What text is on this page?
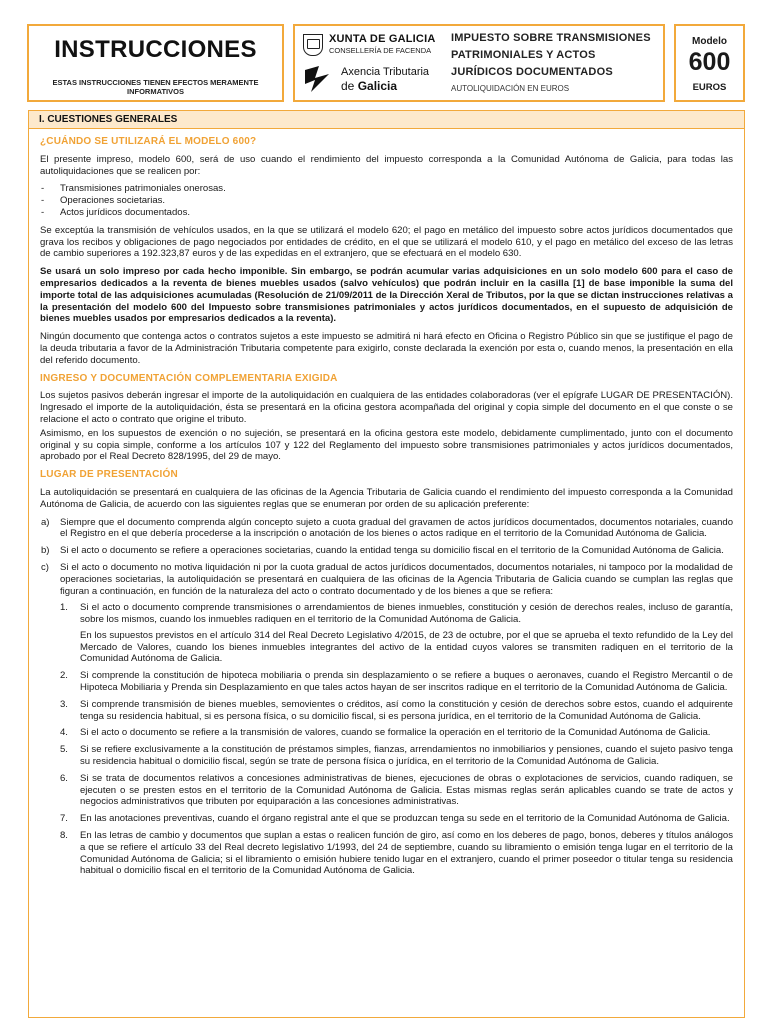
INSTRUCCIONES
ESTAS INSTRUCCIONES TIENEN EFECTOS MERAMENTE INFORMATIVOS
XUNTA DE GALICIA
CONSELLERÍA DE FACENDA
Axencia Tributaria
de Galicia
IMPUESTO SOBRE TRANSMISIONES
PATRIMONIALES Y ACTOS
JURÍDICOS DOCUMENTADOS
AUTOLIQUIDACIÓN EN EUROS
Modelo
600
EUROS
I. CUESTIONES GENERALES
¿CUÁNDO SE UTILIZARÁ EL MODELO 600?

El presente impreso, modelo 600, será de uso cuando el rendimiento del impuesto corresponda a la Comunidad Autónoma de Galicia, para todas las autoliquidaciones que se realicen por:

- Transmisiones patrimoniales onerosas.
- Operaciones societarias.
- Actos jurídicos documentados.

Se exceptúa la transmisión de vehículos usados, en la que se utilizará el modelo 620; el pago en metálico del impuesto sobre actos jurídicos documentados que grava los recibos y obligaciones de pago negociados por entidades de crédito, en el que se utilizará el modelo 610, y el pago en metálico del exceso de las letras de cambio superiores a 192.323,87 euros y de las expedidas en el extranjero, que se efectuará en el modelo 630.

Se usará un solo impreso por cada hecho imponible. Sin embargo, se podrán acumular varias adquisiciones en un solo modelo 600 para el caso de empresarios dedicados a la reventa de bienes muebles usados (salvo vehículos) que podrán incluir en la casilla [1] de base imponible la suma del importe total de las adquisiciones acumuladas (Resolución de 21/09/2011 de la Dirección Xeral de Tributos, por la que se dictan instrucciones relativas a la presentación del modelo 600 del Impuesto sobre transmisiones patrimoniales y actos jurídicos documentados, en el supuesto de adquisición de bienes muebles usados por empresarios dedicados a la reventa).

Ningún documento que contenga actos o contratos sujetos a este impuesto se admitirá ni hará efecto en Oficina o Registro Público sin que se justifique el pago de la deuda tributaria a favor de la Administración Tributaria competente para exigirlo, conste declarada la exención por esta o, cuando menos, la presentación en ella del referido documento.

INGRESO Y DOCUMENTACIÓN COMPLEMENTARIA EXIGIDA

Los sujetos pasivos deberán ingresar el importe de la autoliquidación en cualquiera de las entidades colaboradoras (ver el epígrafe LUGAR DE PRESENTACIÓN). Ingresado el importe de la autoliquidación, ésta se presentará en la oficina gestora acompañada del original y copia simple del documento en el que conste o se relacione el acto o contrato que origine el tributo.

Asimismo, en los supuestos de exención o no sujeción, se presentará en la oficina gestora este modelo, debidamente cumplimentado, junto con el documento original y su copia simple, conforme a los artículos 107 y 122 del Reglamento del impuesto sobre transmisiones patrimoniales y actos jurídicos documentados, aprobado por el Real Decreto 828/1995, del 29 de mayo.

LUGAR DE PRESENTACIÓN

La autoliquidación se presentará en cualquiera de las oficinas de la Agencia Tributaria de Galicia cuando el rendimiento del impuesto corresponda a la Comunidad Autónoma de Galicia, de acuerdo con las siguientes reglas que se enumeran por orden de su aplicación preferente:

a) Siempre que el documento comprenda algún concepto sujeto a cuota gradual del gravamen de actos jurídicos documentados, documentos notariales, cuando el Registro en el que debería procederse a la inscripción o anotación de los bienes o actos radique en el territorio de la Comunidad Autónoma de Galicia.
b) Si el acto o documento se refiere a operaciones societarias, cuando la entidad tenga su domicilio fiscal en el territorio de la Comunidad Autónoma de Galicia.
c) Si el acto o documento no motiva liquidación ni por la cuota gradual de actos jurídicos documentados, documentos notariales, ni tampoco por la modalidad de operaciones societarias, la autoliquidación se presentará en cualquiera de las oficinas de la Agencia Tributaria de Galicia cuando se cumplan las reglas que figuran a continuación, en función de la naturaleza del acto o contrato documentado y de los bienes a que se refiera:
1. Si el acto o documento comprende transmisiones o arrendamientos de bienes inmuebles, constitución y cesión de derechos reales, incluso de garantía, sobre los mismos, cuando los inmuebles radiquen en el territorio de la Comunidad Autónoma de Galicia.
En los supuestos previstos en el artículo 314 del Real Decreto Legislativo 4/2015, de 23 de octubre, por el que se aprueba el texto refundido de la Ley del Mercado de Valores, cuando los bienes inmuebles integrantes del activo de la entidad cuyos valores se transmiten radiquen en el territorio de la Comunidad Autónoma de Galicia.
2. Si comprende la constitución de hipoteca mobiliaria o prenda sin desplazamiento o se refiere a buques o aeronaves, cuando el Registro Mercantil o de Hipoteca Mobiliaria y Prenda sin Desplazamiento en que tales actos hayan de ser inscritos radique en el territorio de la Comunidad Autónoma de Galicia.
3. Si comprende transmisión de bienes muebles, semovientes o créditos, así como la constitución y cesión de derechos sobre estos, cuando el adquirente tenga su residencia habitual, si es persona física, o su domicilio fiscal, si es persona jurídica, en el territorio de la Comunidad Autónoma de Galicia.
4. Si el acto o documento se refiere a la transmisión de valores, cuando se formalice la operación en el territorio de la Comunidad Autónoma de Galicia.
5. Si se refiere exclusivamente a la constitución de préstamos simples, fianzas, arrendamientos no inmobiliarios y pensiones, cuando el sujeto pasivo tenga su residencia habitual o domicilio fiscal, según se trate de persona física o jurídica, en el territorio de la Comunidad Autónoma de Galicia.
6. Si se trata de documentos relativos a concesiones administrativas de bienes, ejecuciones de obras o explotaciones de servicios, cuando radiquen, se ejecuten o se presten estos en el territorio de la Comunidad Autónoma de Galicia. Estas mismas reglas serán aplicables cuando se trate de actos y negocios administrativos que tributen por equiparación a las concesiones administrativas.
7. En las anotaciones preventivas, cuando el órgano registral ante el que se produzcan tenga su sede en el territorio de la Comunidad Autónoma de Galicia.
8. En las letras de cambio y documentos que suplan a estas o realicen función de giro, así como en los deberes de pago, bonos, deberes y títulos análogos a que se refiere el artículo 33 del Real decreto legislativo 1/1993, del 24 de septiembre, cuando su libramiento o emisión tenga lugar en el territorio de la Comunidad Autónoma de Galicia; si el libramiento o emisión hubiere tenido lugar en el extranjero, cuando el primer poseedor o titular tenga su residencia habitual o domicilio fiscal en el territorio de la Comunidad Autónoma de Galicia.
